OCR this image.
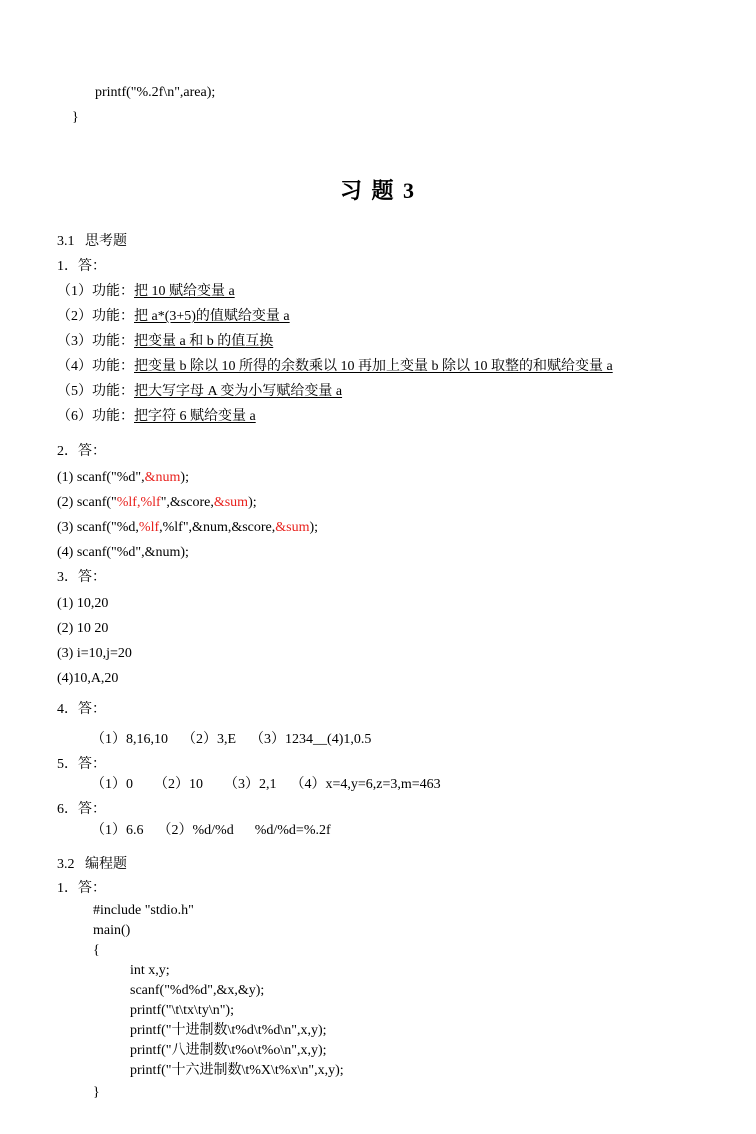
printf("%.2f\n",area);
}
习 题 3
3.1   思考题
1．答：
（1）功能：把 10 赋给变量 a
（2）功能：把 a*(3+5)的值赋给变量 a
（3）功能：把变量 a 和 b 的值互换
（4）功能：把变量 b 除以 10 所得的余数乘以 10 再加上变量 b 除以 10 取整的和赋给变量 a
（5）功能：把大写字母 A 变为小写赋给变量 a
（6）功能：把字符 6 赋给变量 a
2．答：
(1) scanf("%d",&num);
(2) scanf("%lf,%lf",&score,&sum);
(3) scanf("%d,%lf,%lf",&num,&score,&sum);
(4) scanf("%d",&num);
3．答：
(1) 10,20
(2) 10 20
(3) i=10,j=20
(4)10,A,20
4．答：
（1）8,16,10    （2）3,E    （3）1234__(4)1,0.5
5．答：
（1）0      （2）10      （3）2,1    （4）x=4,y=6,z=3,m=463
6．答：
（1）6.6    （2）%d/%d      %d/%d=%.2f
3.2   编程题
1．答：
#include "stdio.h"
main()
{
int x,y;
scanf("%d%d",&x,&y);
printf("\t\tx\ty\n");
printf("十进制数\t%d\t%d\n",x,y);
printf("八进制数\t%o\t%o\n",x,y);
printf("十六进制数\t%X\t%x\n",x,y);
}
